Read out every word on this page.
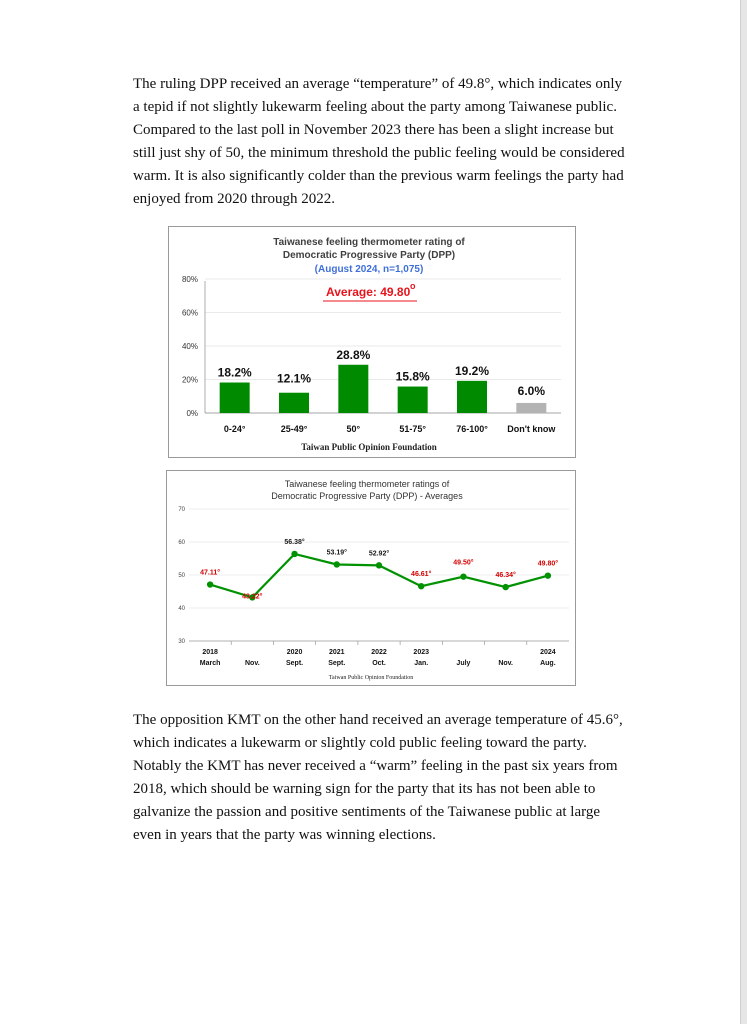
The ruling DPP received an average “temperature” of 49.8°, which indicates only
a tepid if not slightly lukewarm feeling about the party among Taiwanese public.
Compared to the last poll in November 2023 there has been a slight increase but
still just shy of 50, the minimum threshold the public feeling would be considered
warm. It is also significantly colder than the previous warm feelings the party had
enjoyed from 2020 through 2022.
Taiwanese feeling thermometer rating of
Democratic Progressive Party (DPP)
(August 2024, n=1,075)
Average: 49.80 o
0%
20%
40%
60%
80%
18.2%
0-24°
12.1%
25-49°
28.8%
50°
15.8%
51-75°
19.2%
76-100°
6.0%
Don't know
Taiwan Public Opinion Foundation
Taiwanese feeling thermometer ratings of
Democratic Progressive Party (DPP) - Averages
30
40
50
60
70
47.11°
2018
March
43.22°
Nov.
56.38°
2020
Sept.
53.19°
2021
Sept.
52.92°
2022
Oct.
46.61°
2023
Jan.
49.50°
July
46.34°
Nov.
49.80°
2024
Aug.
Taiwan Public Opinion Foundation
The opposition KMT on the other hand received an average temperature of 45.6°,
which indicates a lukewarm or slightly cold public feeling toward the party.
Notably the KMT has never received a “warm” feeling in the past six years from
2018, which should be warning sign for the party that its has not been able to
galvanize the passion and positive sentiments of the Taiwanese public at large
even in years that the party was winning elections.
